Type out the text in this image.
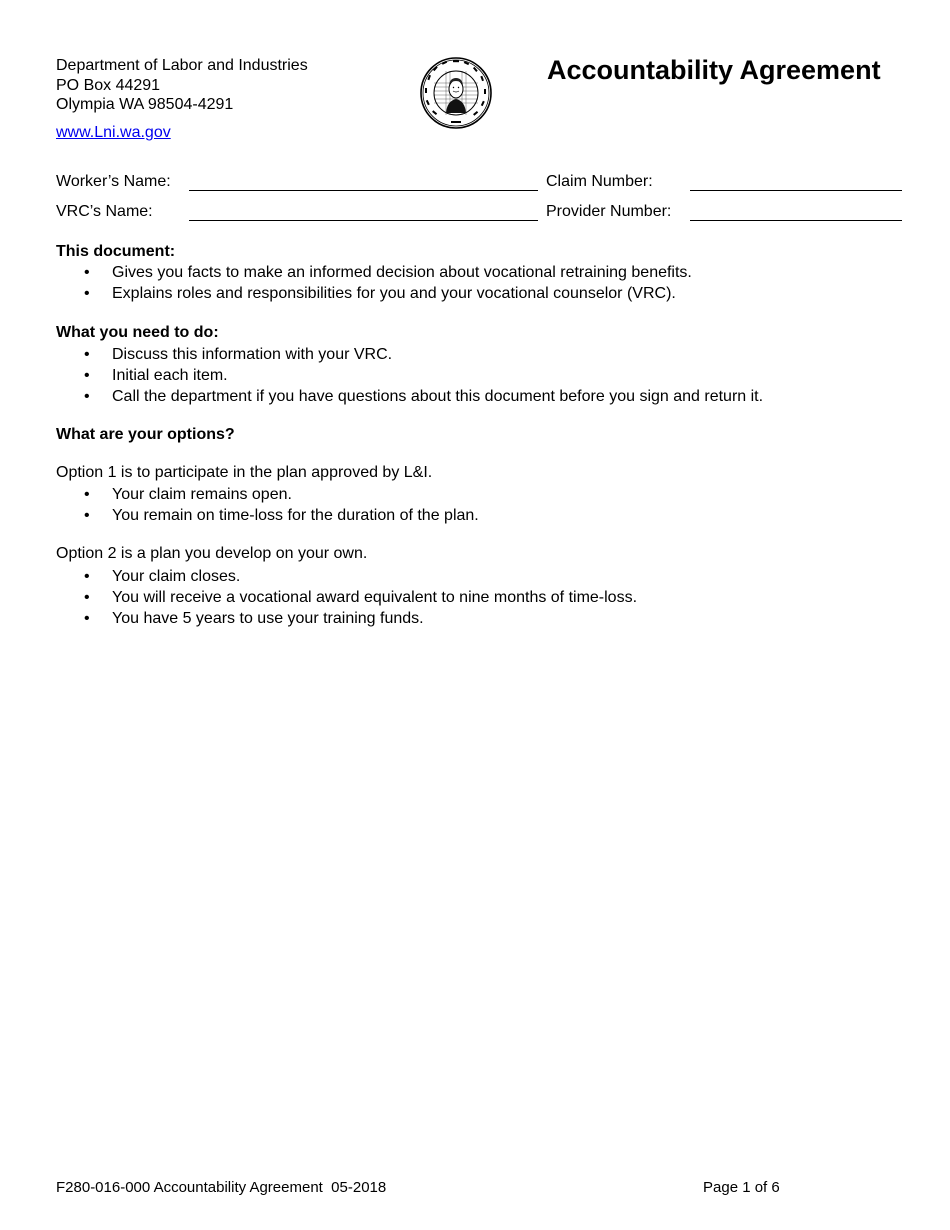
Department of Labor and Industries
PO Box 44291
Olympia WA 98504-4291
www.Lni.wa.gov
Accountability Agreement
Worker’s Name:	Claim Number:
VRC’s Name:	Provider Number:
This document:
• Gives you facts to make an informed decision about vocational retraining benefits.
• Explains roles and responsibilities for you and your vocational counselor (VRC).
What you need to do:
• Discuss this information with your VRC.
• Initial each item.
• Call the department if you have questions about this document before you sign and return it.
What are your options?
Option 1 is to participate in the plan approved by L&I.
• Your claim remains open.
• You remain on time-loss for the duration of the plan.
Option 2 is a plan you develop on your own.
• Your claim closes.
• You will receive a vocational award equivalent to nine months of time-loss.
• You have 5 years to use your training funds.
F280-016-000 Accountability Agreement  05-2018	Page 1 of 6
